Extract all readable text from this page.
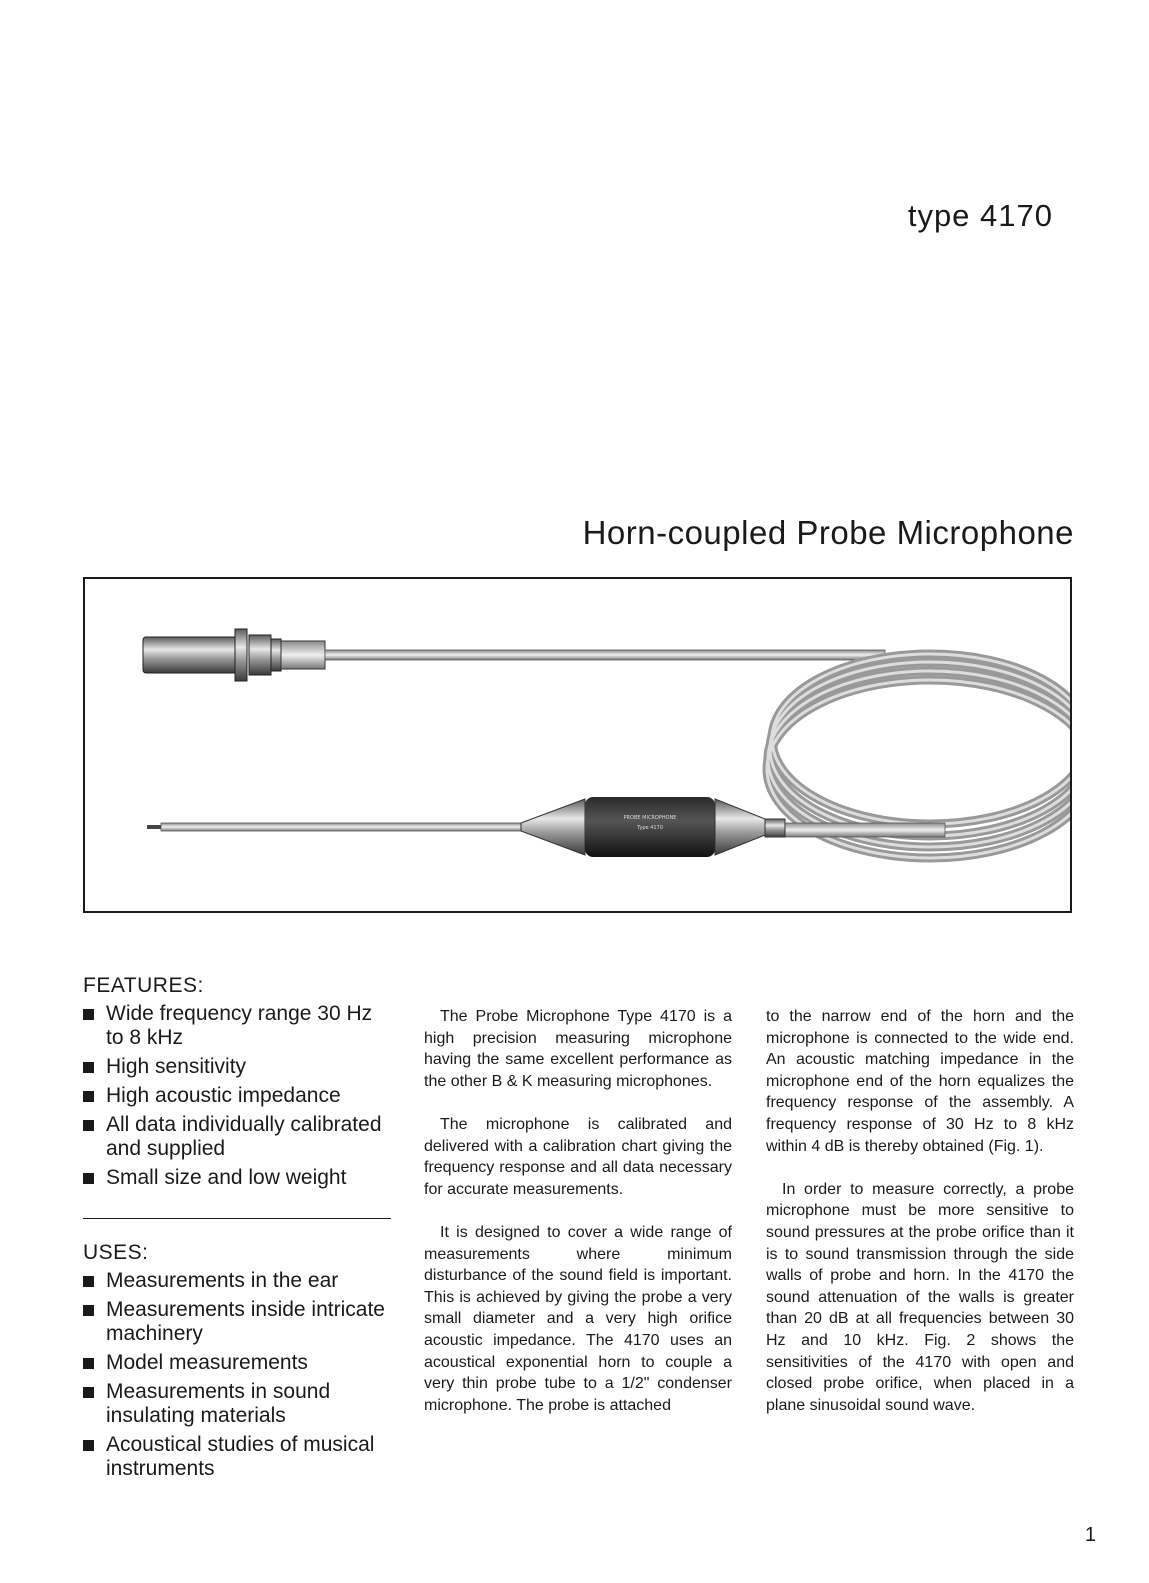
type 4170
Horn-coupled Probe Microphone
PROBE MICROPHONE
Type 4170
FEATURES:
Wide frequency range 30 Hz to 8 kHz
High sensitivity
High acoustic impedance
All data individually calibrated and supplied
Small size and low weight
USES:
Measurements in the ear
Measurements inside intricate machinery
Model measurements
Measurements in sound insulating materials
Acoustical studies of musical instruments

The Probe Microphone Type 4170 is a high precision measuring microphone having the same excellent performance as the other B & K measuring microphones.

The microphone is calibrated and delivered with a calibration chart giving the frequency response and all data necessary for accurate measurements.

It is designed to cover a wide range of measurements where minimum disturbance of the sound field is important. This is achieved by giving the probe a very small diameter and a very high orifice acoustic impedance. The 4170 uses an acoustical exponential horn to couple a very thin probe tube to a 1/2" condenser microphone. The probe is attached

to the narrow end of the horn and the microphone is connected to the wide end. An acoustic matching impedance in the microphone end of the horn equalizes the frequency response of the assembly. A frequency response of 30 Hz to 8 kHz within 4 dB is thereby obtained (Fig. 1).

In order to measure correctly, a probe microphone must be more sensitive to sound pressures at the probe orifice than it is to sound transmission through the side walls of probe and horn. In the 4170 the sound attenuation of the walls is greater than 20 dB at all frequencies between 30 Hz and 10 kHz. Fig. 2 shows the sensitivities of the 4170 with open and closed probe orifice, when placed in a plane sinusoidal sound wave.

1
